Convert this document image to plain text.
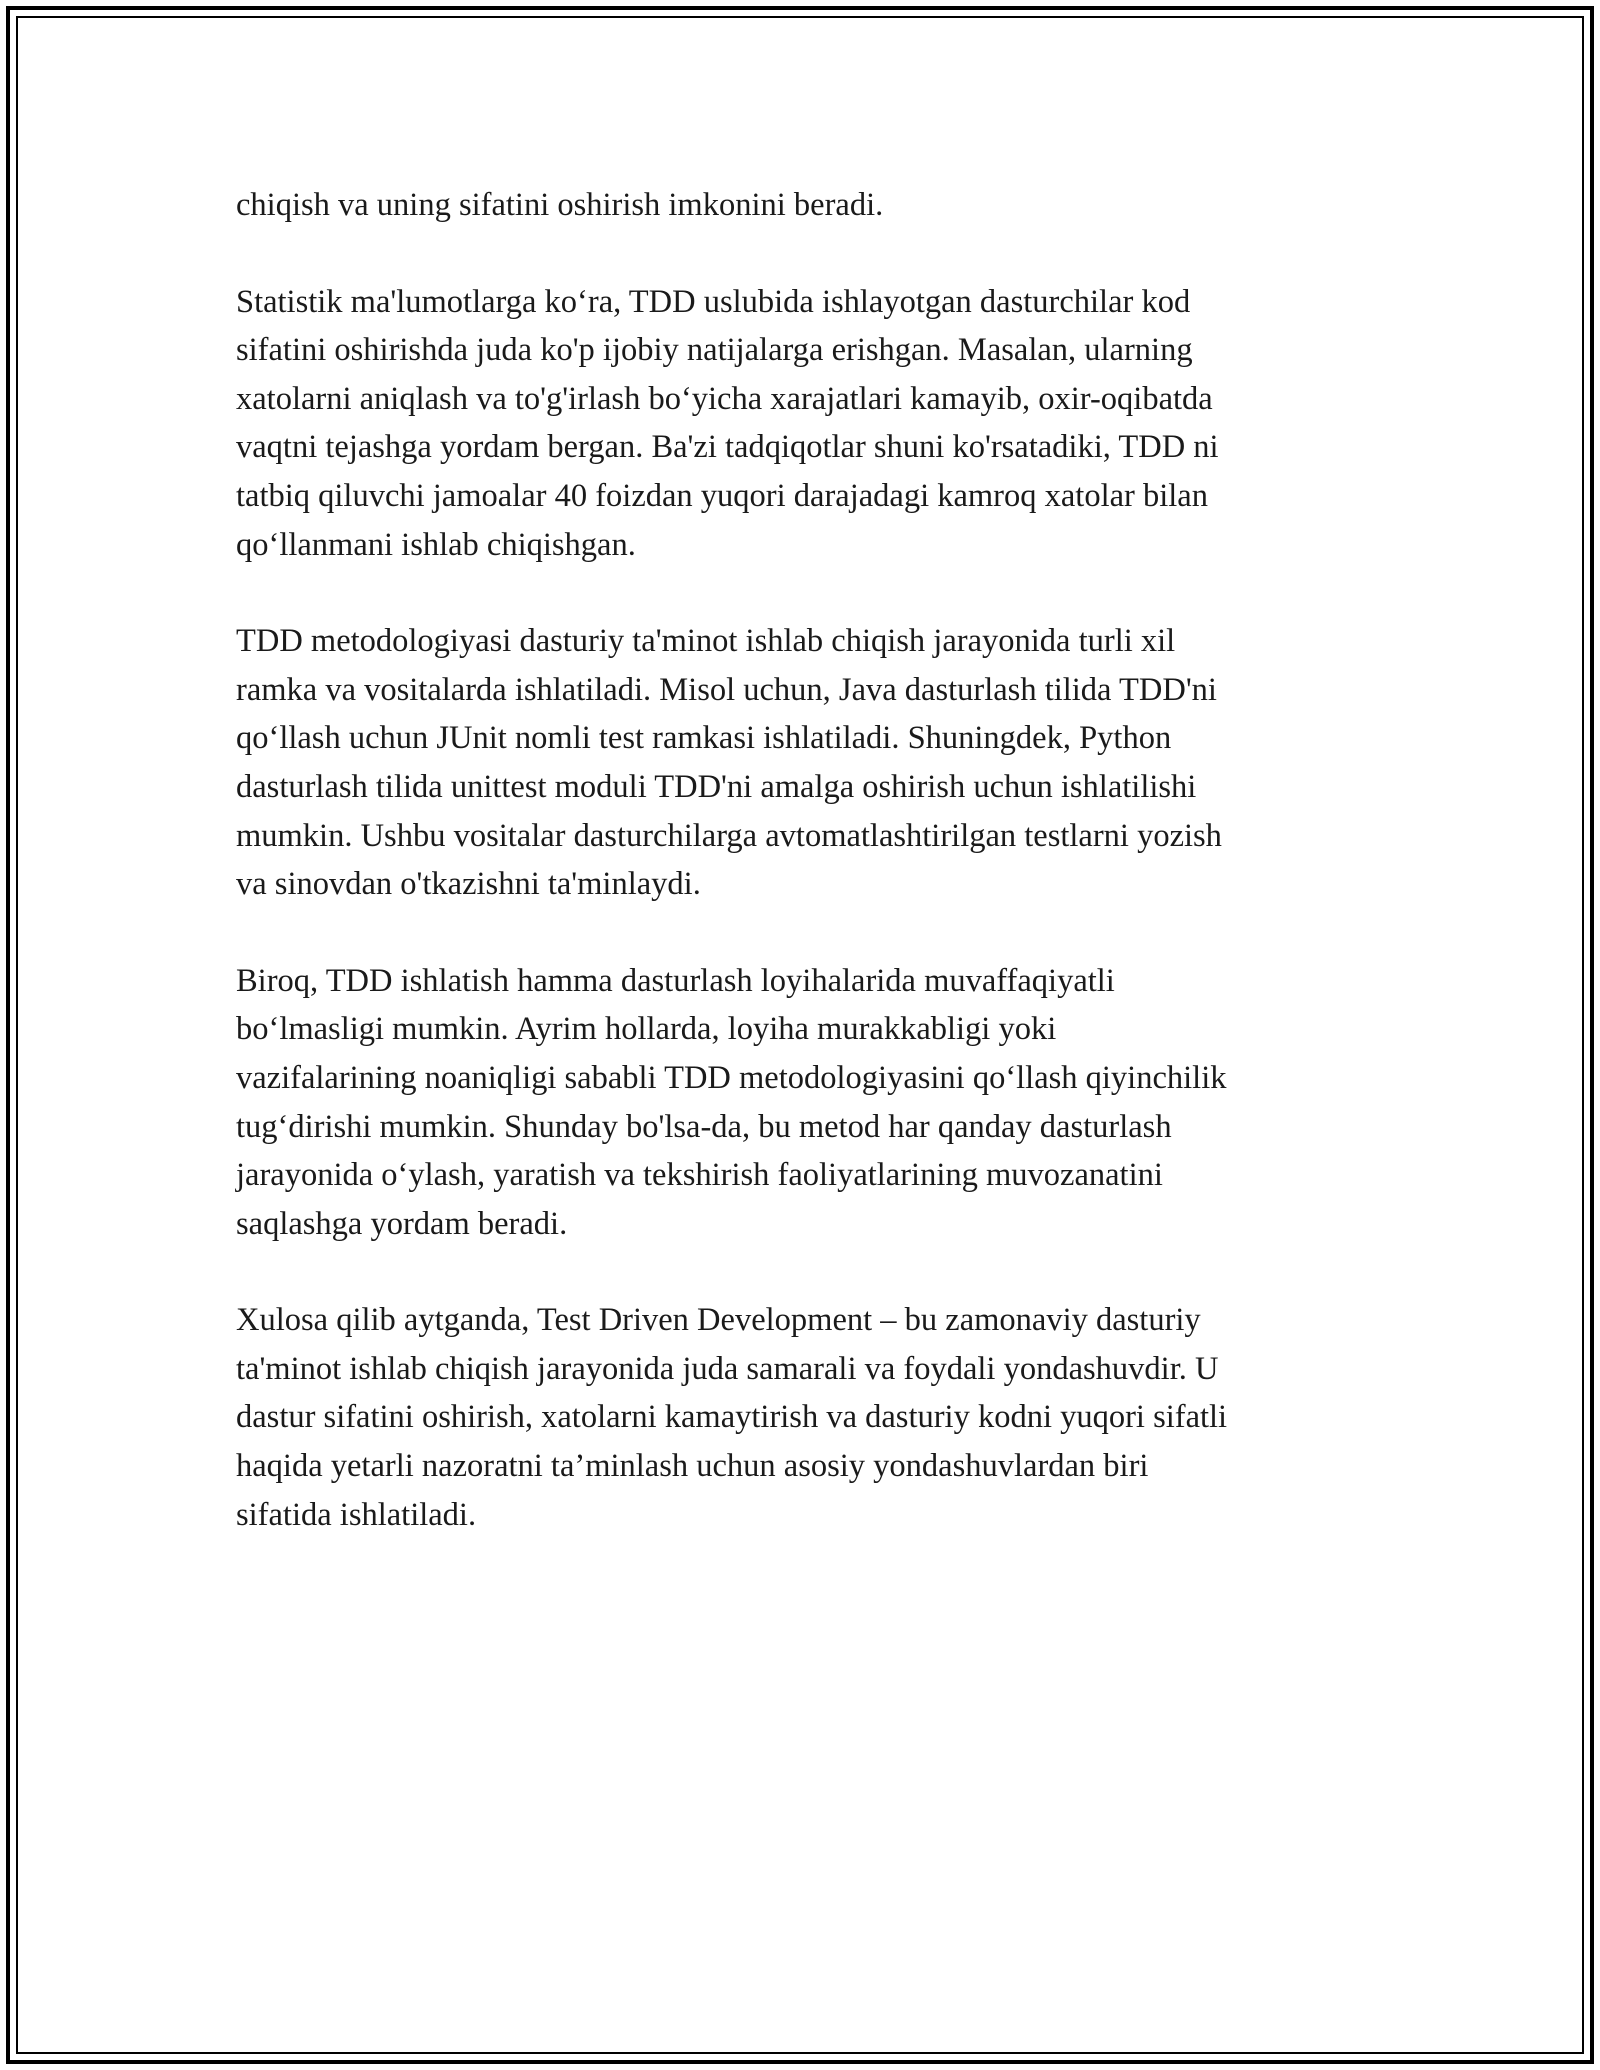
chiqish va uning sifatini oshirish imkonini beradi.

Statistik ma'lumotlarga ko‘ra, TDD uslubida ishlayotgan dasturchilar kod
sifatini oshirishda juda ko'p ijobiy natijalarga erishgan. Masalan, ularning
xatolarni aniqlash va to'g'irlash bo‘yicha xarajatlari kamayib, oxir-oqibatda
vaqtni tejashga yordam bergan. Ba'zi tadqiqotlar shuni ko'rsatadiki, TDD ni
tatbiq qiluvchi jamoalar 40 foizdan yuqori darajadagi kamroq xatolar bilan
qo‘llanmani ishlab chiqishgan.

TDD metodologiyasi dasturiy ta'minot ishlab chiqish jarayonida turli xil
ramka va vositalarda ishlatiladi. Misol uchun, Java dasturlash tilida TDD'ni
qo‘llash uchun JUnit nomli test ramkasi ishlatiladi. Shuningdek, Python
dasturlash tilida unittest moduli TDD'ni amalga oshirish uchun ishlatilishi
mumkin. Ushbu vositalar dasturchilarga avtomatlashtirilgan testlarni yozish
va sinovdan o'tkazishni ta'minlaydi.

Biroq, TDD ishlatish hamma dasturlash loyihalarida muvaffaqiyatli
bo‘lmasligi mumkin. Ayrim hollarda, loyiha murakkabligi yoki
vazifalarining noaniqligi sababli TDD metodologiyasini qo‘llash qiyinchilik
tug‘dirishi mumkin. Shunday bo'lsa-da, bu metod har qanday dasturlash
jarayonida o‘ylash, yaratish va tekshirish faoliyatlarining muvozanatini
saqlashga yordam beradi.

Xulosa qilib aytganda, Test Driven Development – bu zamonaviy dasturiy
ta'minot ishlab chiqish jarayonida juda samarali va foydali yondashuvdir. U
dastur sifatini oshirish, xatolarni kamaytirish va dasturiy kodni yuqori sifatli
haqida yetarli nazoratni ta’minlash uchun asosiy yondashuvlardan biri
sifatida ishlatiladi.
